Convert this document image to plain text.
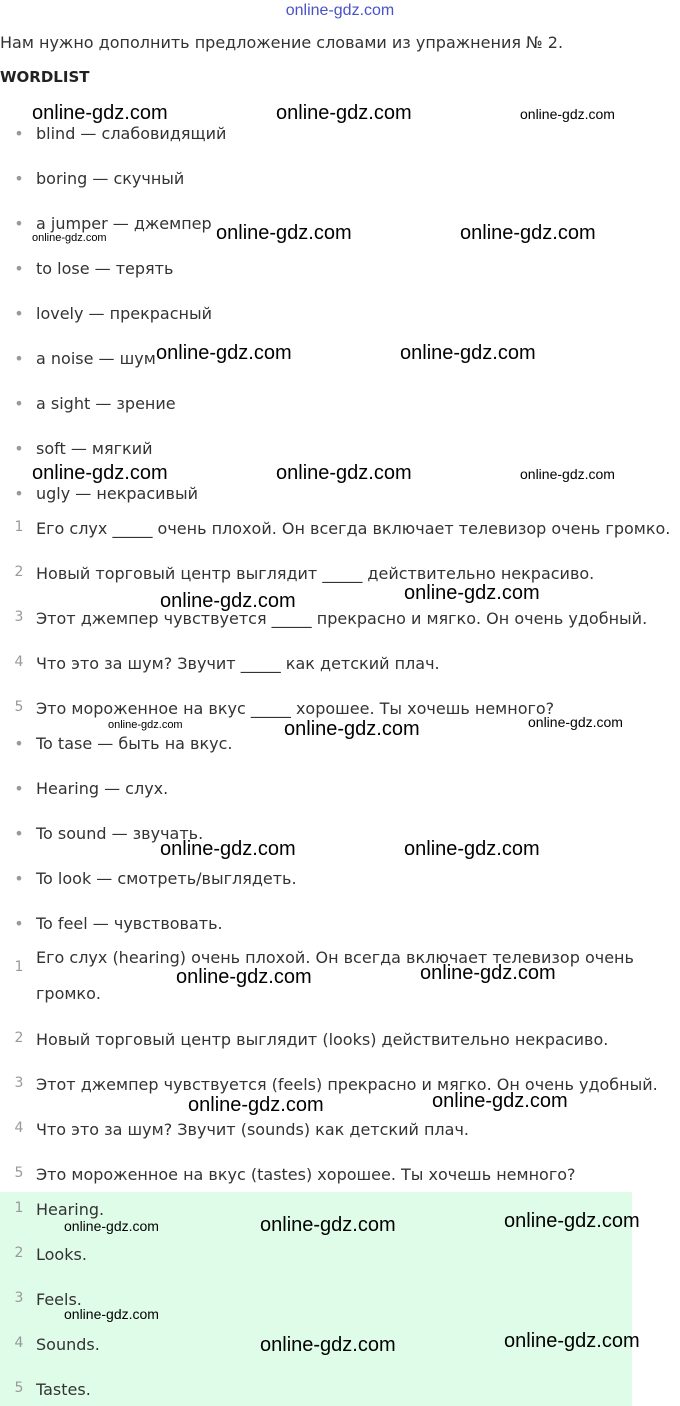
online-gdz.com
Нам нужно дополнить предложение словами из упражнения № 2.
WORDLIST
• blind — слабовидящий
• boring — скучный
• a jumper — джемпер
• to lose — терять
• lovely — прекрасный
• a noise — шум
• a sight — зрение
• soft — мягкий
• ugly — некрасивый
1 Его слух _____ очень плохой. Он всегда включает телевизор очень громко.
2 Новый торговый центр выглядит _____ действительно некрасиво.
3 Этот джемпер чувствуется _____ прекрасно и мягко. Он очень удобный.
4 Что это за шум? Звучит _____ как детский плач.
5 Это мороженное на вкус _____ хорошее. Ты хочешь немного?
• To tase — быть на вкус.
• Hearing — слух.
• To sound — звучать.
• To look — смотреть/выглядеть.
• To feel — чувствовать.
1 Его слух (hearing) очень плохой. Он всегда включает телевизор очень громко.
2 Новый торговый центр выглядит (looks) действительно некрасиво.
3 Этот джемпер чувствуется (feels) прекрасно и мягко. Он очень удобный.
4 Что это за шум? Звучит (sounds) как детский плач.
5 Это мороженное на вкус (tastes) хорошее. Ты хочешь немного?
1 Hearing.
2 Looks.
3 Feels.
4 Sounds.
5 Tastes.
online-gdz.com	online-gdz.com	online-gdz.com
online-gdz.com	online-gdz.com	online-gdz.com
online-gdz.com	online-gdz.com
online-gdz.com	online-gdz.com	online-gdz.com
online-gdz.com	online-gdz.com
online-gdz.com	online-gdz.com	online-gdz.com
online-gdz.com	online-gdz.com
online-gdz.com	online-gdz.com
online-gdz.com	online-gdz.com
online-gdz.com	online-gdz.com	online-gdz.com
online-gdz.com
online-gdz.com	online-gdz.com
